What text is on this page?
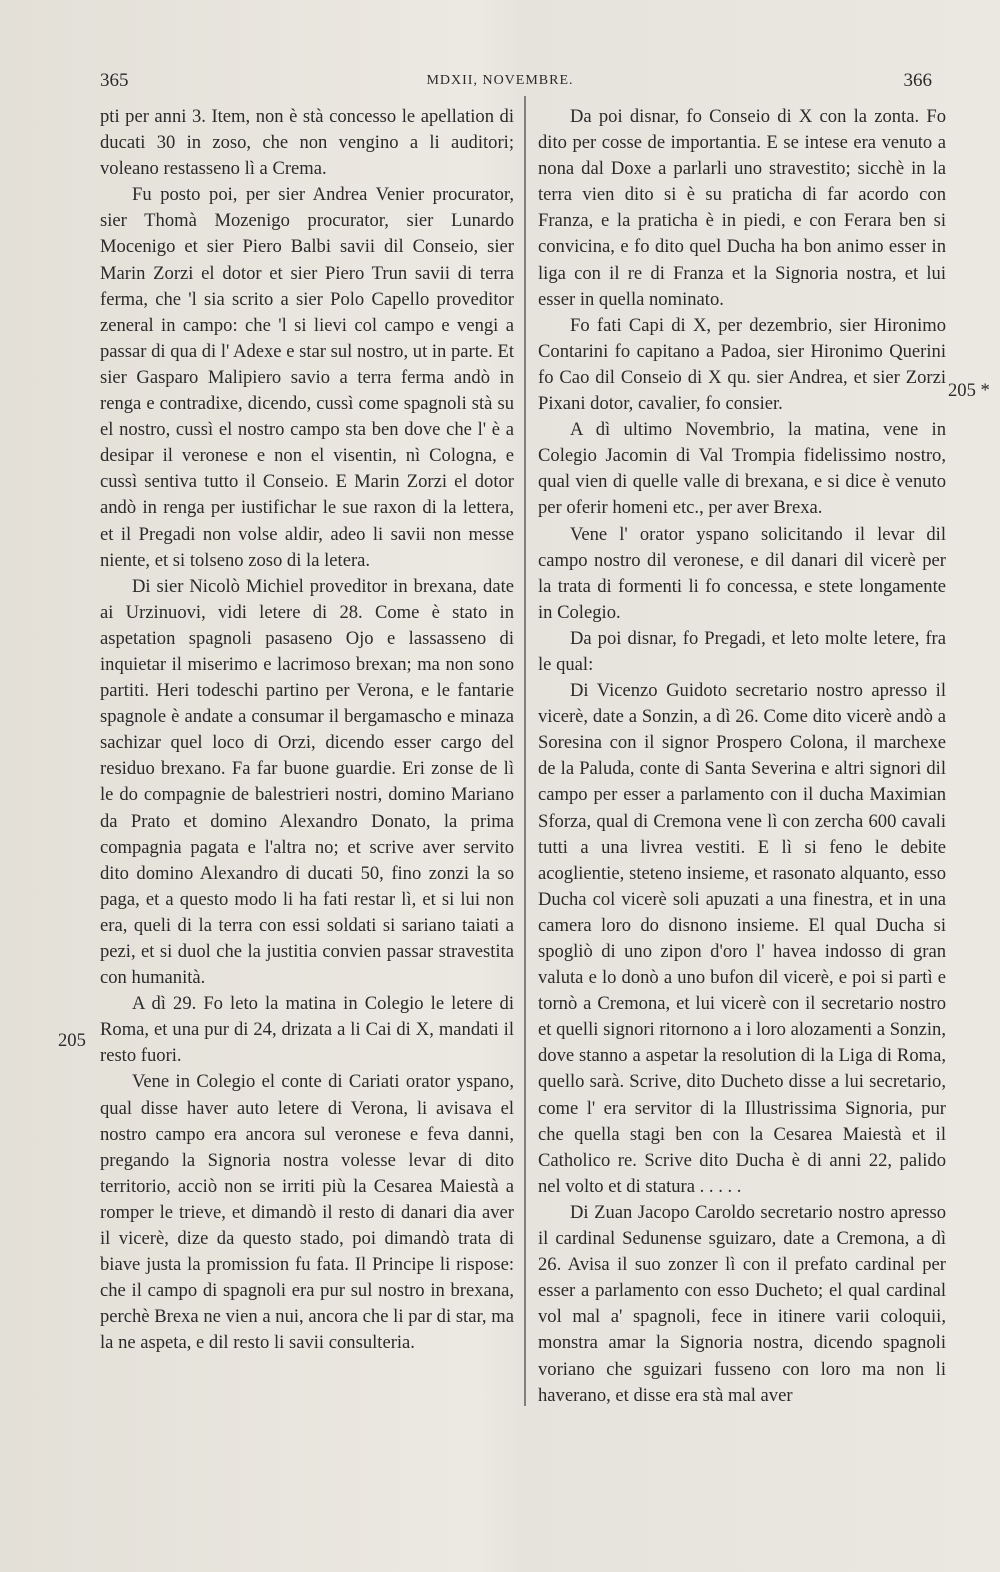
365	MDXII, NOVEMBRE.	366
205
205 *

pti per anni 3. Item, non è stà concesso le apellation di ducati 30 in zoso, che non vengino a li auditori; voleano restasseno lì a Crema.

Fu posto poi, per sier Andrea Venier procurator, sier Thomà Mozenigo procurator, sier Lunardo Mocenigo et sier Piero Balbi savii dil Conseio, sier Marin Zorzi el dotor et sier Piero Trun savii di terra ferma, che 'l sia scrito a sier Polo Capello proveditor zeneral in campo: che 'l si lievi col campo e vengi a passar di qua di l' Adexe e star sul nostro, ut in parte. Et sier Gasparo Malipiero savio a terra ferma andò in renga e contradixe, dicendo, cussì come spagnoli stà su el nostro, cussì el nostro campo sta ben dove che l' è a desipar il veronese e non el visentin, nì Cologna, e cussì sentiva tutto il Conseio. E Marin Zorzi el dotor andò in renga per iustifichar le sue raxon di la lettera, et il Pregadi non volse aldir, adeo li savii non messe niente, et si tolseno zoso di la letera.

Di sier Nicolò Michiel proveditor in brexana, date ai Urzinuovi, vidi letere di 28. Come è stato in aspetation spagnoli pasaseno Ojo e lassasseno di inquietar il miserimo e lacrimoso brexan; ma non sono partiti. Heri todeschi partino per Verona, e le fantarie spagnole è andate a consumar il bergamascho e minaza sachizar quel loco di Orzi, dicendo esser cargo del residuo brexano. Fa far buone guardie. Eri zonse de lì le do compagnie de balestrieri nostri, domino Mariano da Prato et domino Alexandro Donato, la prima compagnia pagata e l'altra no; et scrive aver servito dito domino Alexandro di ducati 50, fino zonzi la so paga, et a questo modo li ha fati restar lì, et si lui non era, queli di la terra con essi soldati si sariano taiati a pezi, et si duol che la justitia convien passar stravestita con humanità.

A dì 29. Fo leto la matina in Colegio le letere di Roma, et una pur di 24, drizata a li Cai di X, mandati il resto fuori.

Vene in Colegio el conte di Cariati orator yspano, qual disse haver auto letere di Verona, li avisava el nostro campo era ancora sul veronese e feva danni, pregando la Signoria nostra volesse levar di dito territorio, acciò non se irriti più la Cesarea Maiestà a romper le trieve, et dimandò il resto di danari dia aver il vicerè, dize da questo stado, poi dimandò trata di biave justa la promission fu fata. Il Principe li rispose: che il campo di spagnoli era pur sul nostro in brexana, perchè Brexa ne vien a nui, ancora che li par di star, ma la ne aspeta, e dil resto li savii consulteria.

Da poi disnar, fo Conseio di X con la zonta. Fo dito per cosse de importantia. E se intese era venuto a nona dal Doxe a parlarli uno stravestito; sicchè in la terra vien dito si è su praticha di far acordo con Franza, e la praticha è in piedi, e con Ferara ben si convicina, e fo dito quel Ducha ha bon animo esser in liga con il re di Franza et la Signoria nostra, et lui esser in quella nominato.

Fo fati Capi di X, per dezembrio, sier Hironimo Contarini fo capitano a Padoa, sier Hironimo Querini fo Cao dil Conseio di X qu. sier Andrea, et sier Zorzi Pixani dotor, cavalier, fo consier.

A dì ultimo Novembrio, la matina, vene in Colegio Jacomin di Val Trompia fidelissimo nostro, qual vien di quelle valle di brexana, e si dice è venuto per oferir homeni etc., per aver Brexa.

Vene l' orator yspano solicitando il levar dil campo nostro dil veronese, e dil danari dil vicerè per la trata di formenti li fo concessa, e stete longamente in Colegio.

Da poi disnar, fo Pregadi, et leto molte letere, fra le qual:

Di Vicenzo Guidoto secretario nostro apresso il vicerè, date a Sonzin, a dì 26. Come dito vicerè andò a Soresina con il signor Prospero Colona, il marchexe de la Paluda, conte di Santa Severina e altri signori dil campo per esser a parlamento con il ducha Maximian Sforza, qual di Cremona vene lì con zercha 600 cavali tutti a una livrea vestiti. E lì si feno le debite acoglientie, steteno insieme, et rasonato alquanto, esso Ducha col vicerè soli apuzati a una finestra, et in una camera loro do disnono insieme. El qual Ducha si spogliò di uno zipon d'oro l' havea indosso di gran valuta e lo donò a uno bufon dil vicerè, e poi si partì e tornò a Cremona, et lui vicerè con il secretario nostro et quelli signori ritornono a i loro alozamenti a Sonzin, dove stanno a aspetar la resolution di la Liga di Roma, quello sarà. Scrive, dito Ducheto disse a lui secretario, come l' era servitor di la Illustrissima Signoria, pur che quella stagi ben con la Cesarea Maiestà et il Catholico re. Scrive dito Ducha è di anni 22, palido nel volto et di statura . . . . .

Di Zuan Jacopo Caroldo secretario nostro apresso il cardinal Sedunense sguizaro, date a Cremona, a dì 26. Avisa il suo zonzer lì con il prefato cardinal per esser a parlamento con esso Ducheto; el qual cardinal vol mal a' spagnoli, fece in itinere varii coloquii, monstra amar la Signoria nostra, dicendo spagnoli voriano che sguizari fusseno con loro ma non li haverano, et disse era stà mal aver
